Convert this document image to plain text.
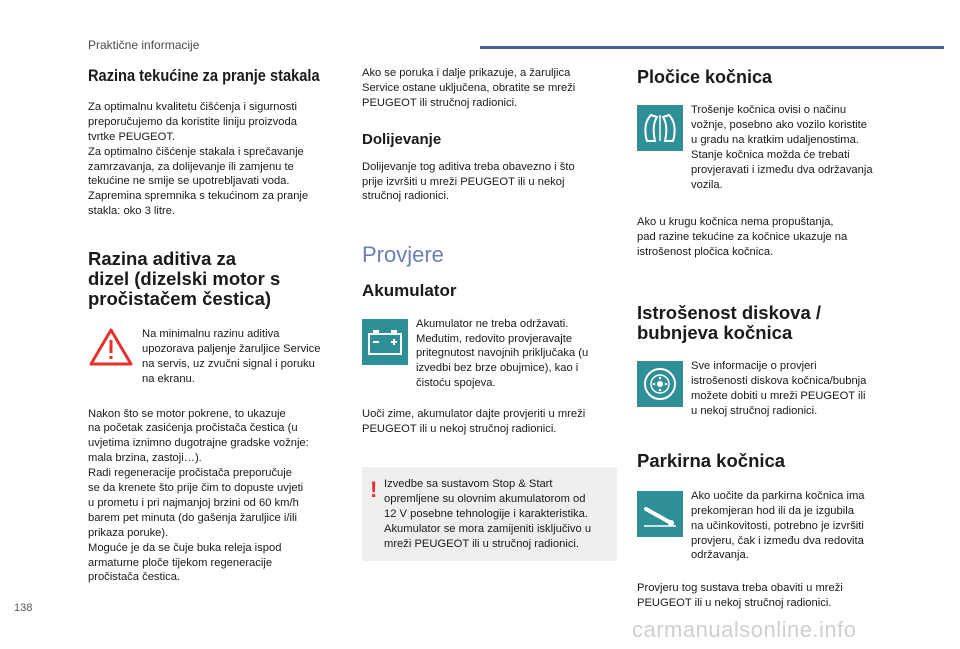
Praktične informacije
Razina tekućine za pranje stakala

Za optimalnu kvalitetu čišćenja i sigurnosti
preporučujemo da koristite liniju proizvoda
tvrtke PEUGEOT.
Za optimalno čišćenje stakala i sprečavanje
zamrzavanja, za dolijevanje ili zamjenu te
tekućine ne smije se upotrebljavati voda.
Zapremina spremnika s tekućinom za pranje
stakla: oko 3 litre.

Razina aditiva za
dizel (dizelski motor s
pročistačem čestica)

Na minimalnu razinu aditiva
upozorava paljenje žaruljice Service
na servis, uz zvučni signal i poruku
na ekranu.

Nakon što se motor pokrene, to ukazuje
na početak zasićenja pročistača čestica (u
uvjetima iznimno dugotrajne gradske vožnje:
mala brzina, zastoji…).
Radi regeneracije pročistača preporučuje
se da krenete što prije čim to dopuste uvjeti
u prometu i pri najmanjoj brzini od 60 km/h
barem pet minuta (do gašenja žaruljice i/ili
prikaza poruke).
Moguće je da se čuje buka releja ispod
armaturne ploče tijekom regeneracije
pročistača čestica.

Ako se poruka i dalje prikazuje, a žaruljica
Service ostane uključena, obratite se mreži
PEUGEOT ili stručnoj radionici.

Dolijevanje

Dolijevanje tog aditiva treba obavezno i što
prije izvršiti u mreži PEUGEOT ili u nekoj
stručnoj radionici.

Provjere
Akumulator

Akumulator ne treba održavati.
Međutim, redovito provjeravajte
pritegnutost navojnih priključaka (u
izvedbi bez brze obujmice), kao i
čistoću spojeva.

Uoči zime, akumulator dajte provjeriti u mreži
PEUGEOT ili u nekoj stručnoj radionici.

! Izvedbe sa sustavom Stop & Start
opremljene su olovnim akumulatorom od
12 V posebne tehnologije i karakteristika.
Akumulator se mora zamijeniti isključivo u
mreži PEUGEOT ili u stručnoj radionici.

Pločice kočnica

Trošenje kočnica ovisi o načinu
vožnje, posebno ako vozilo koristite
u gradu na kratkim udaljenostima.
Stanje kočnica možda će trebati
provjeravati i između dva održavanja
vozila.

Ako u krugu kočnica nema propuštanja,
pad razine tekućine za kočnice ukazuje na
istrošenost pločica kočnica.

Istrošenost diskova /
bubnjeva kočnica

Sve informacije o provjeri
istrošenosti diskova kočnica/bubnja
možete dobiti u mreži PEUGEOT ili
u nekoj stručnoj radionici.

Parkirna kočnica

Ako uočite da parkirna kočnica ima
prekomjeran hod ili da je izgubila
na učinkovitosti, potrebno je izvršiti
provjeru, čak i između dva redovita
održavanja.

Provjeru tog sustava treba obaviti u mreži
PEUGEOT ili u nekoj stručnoj radionici.

138
carmanualsonline.info
